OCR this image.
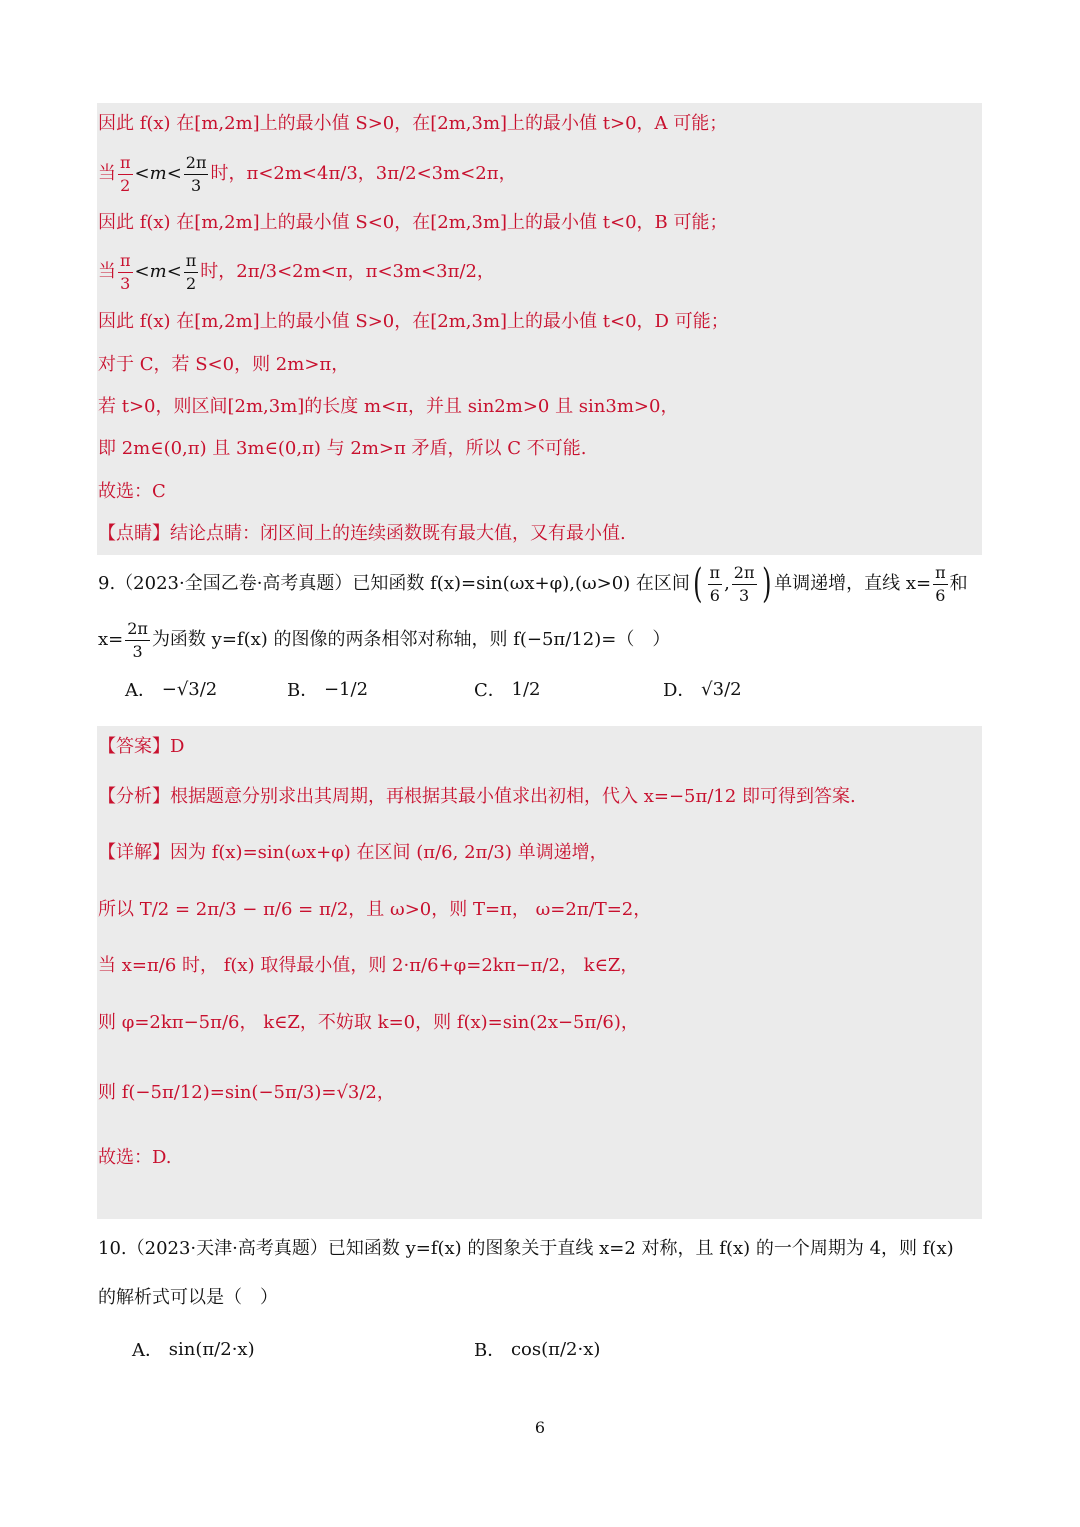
因此 f(x) 在[m,2m]上的最小值 S>0，在[2m,3m]上的最小值 t>0，A 可能；
当 $\frac{\pi}{2} <m< \frac{2\pi}{3}$ 时，π<2m<4π/3，3π/2<3m<2π，
因此 f(x) 在[m,2m]上的最小值 S<0，在[2m,3m]上的最小值 t<0，B 可能；
当 $\frac{\pi}{3} <m< \frac{\pi}{2}$ 时，2π/3<2m<π，π<3m<3π/2，
因此 f(x) 在[m,2m]上的最小值 S>0，在[2m,3m]上的最小值 t<0，D 可能；
对于 C，若 S<0，则 2m>π，
若 t>0，则区间[2m,3m]的长度 m<π，并且 sin2m>0 且 sin3m>0，
即 2m∈(0,π) 且 3m∈(0,π) 与 2m>π 矛盾，所以 C 不可能.
故选：C
【点睛】结论点睛：闭区间上的连续函数既有最大值，又有最小值.
9.（2023·全国乙卷·高考真题）已知函数 f(x)=sin(ωx+φ),(ω>0) 在区间 ( $\frac{\pi}{6}$ , $\frac{2\pi}{3}$ ) 单调递增，直线 $x= \frac{\pi}{6}$ 和
$x= \frac{2\pi}{3}$ 为函数 y=f(x) 的图像的两条相邻对称轴，则 f(−5π/12)=（　）
A．
−√3/2	B．
−1/2	C．
1/2	D．
√3/2
【答案】D
【分析】根据题意分别求出其周期，再根据其最小值求出初相，代入 x=−5π/12 即可得到答案.
【详解】因为 f(x)=sin(ωx+φ) 在区间 (π/6, 2π/3) 单调递增，
所以 T/2 = 2π/3 − π/6 = π/2，且 ω>0，则 T=π， ω=2π/T=2，
当 x=π/6 时， f(x) 取得最小值，则 2·π/6+φ=2kπ−π/2， k∈Z，
则 φ=2kπ−5π/6， k∈Z，不妨取 k=0，则 f(x)=sin(2x−5π/6)，
则 f(−5π/12)=sin(−5π/3)=√3/2，
故选：D.
10.（2023·天津·高考真题）已知函数 y=f(x) 的图象关于直线 x=2 对称，且 f(x) 的一个周期为 4，则 f(x)
的解析式可以是（　）
A．
sin(π/2·x)	B．
cos(π/2·x)
6
